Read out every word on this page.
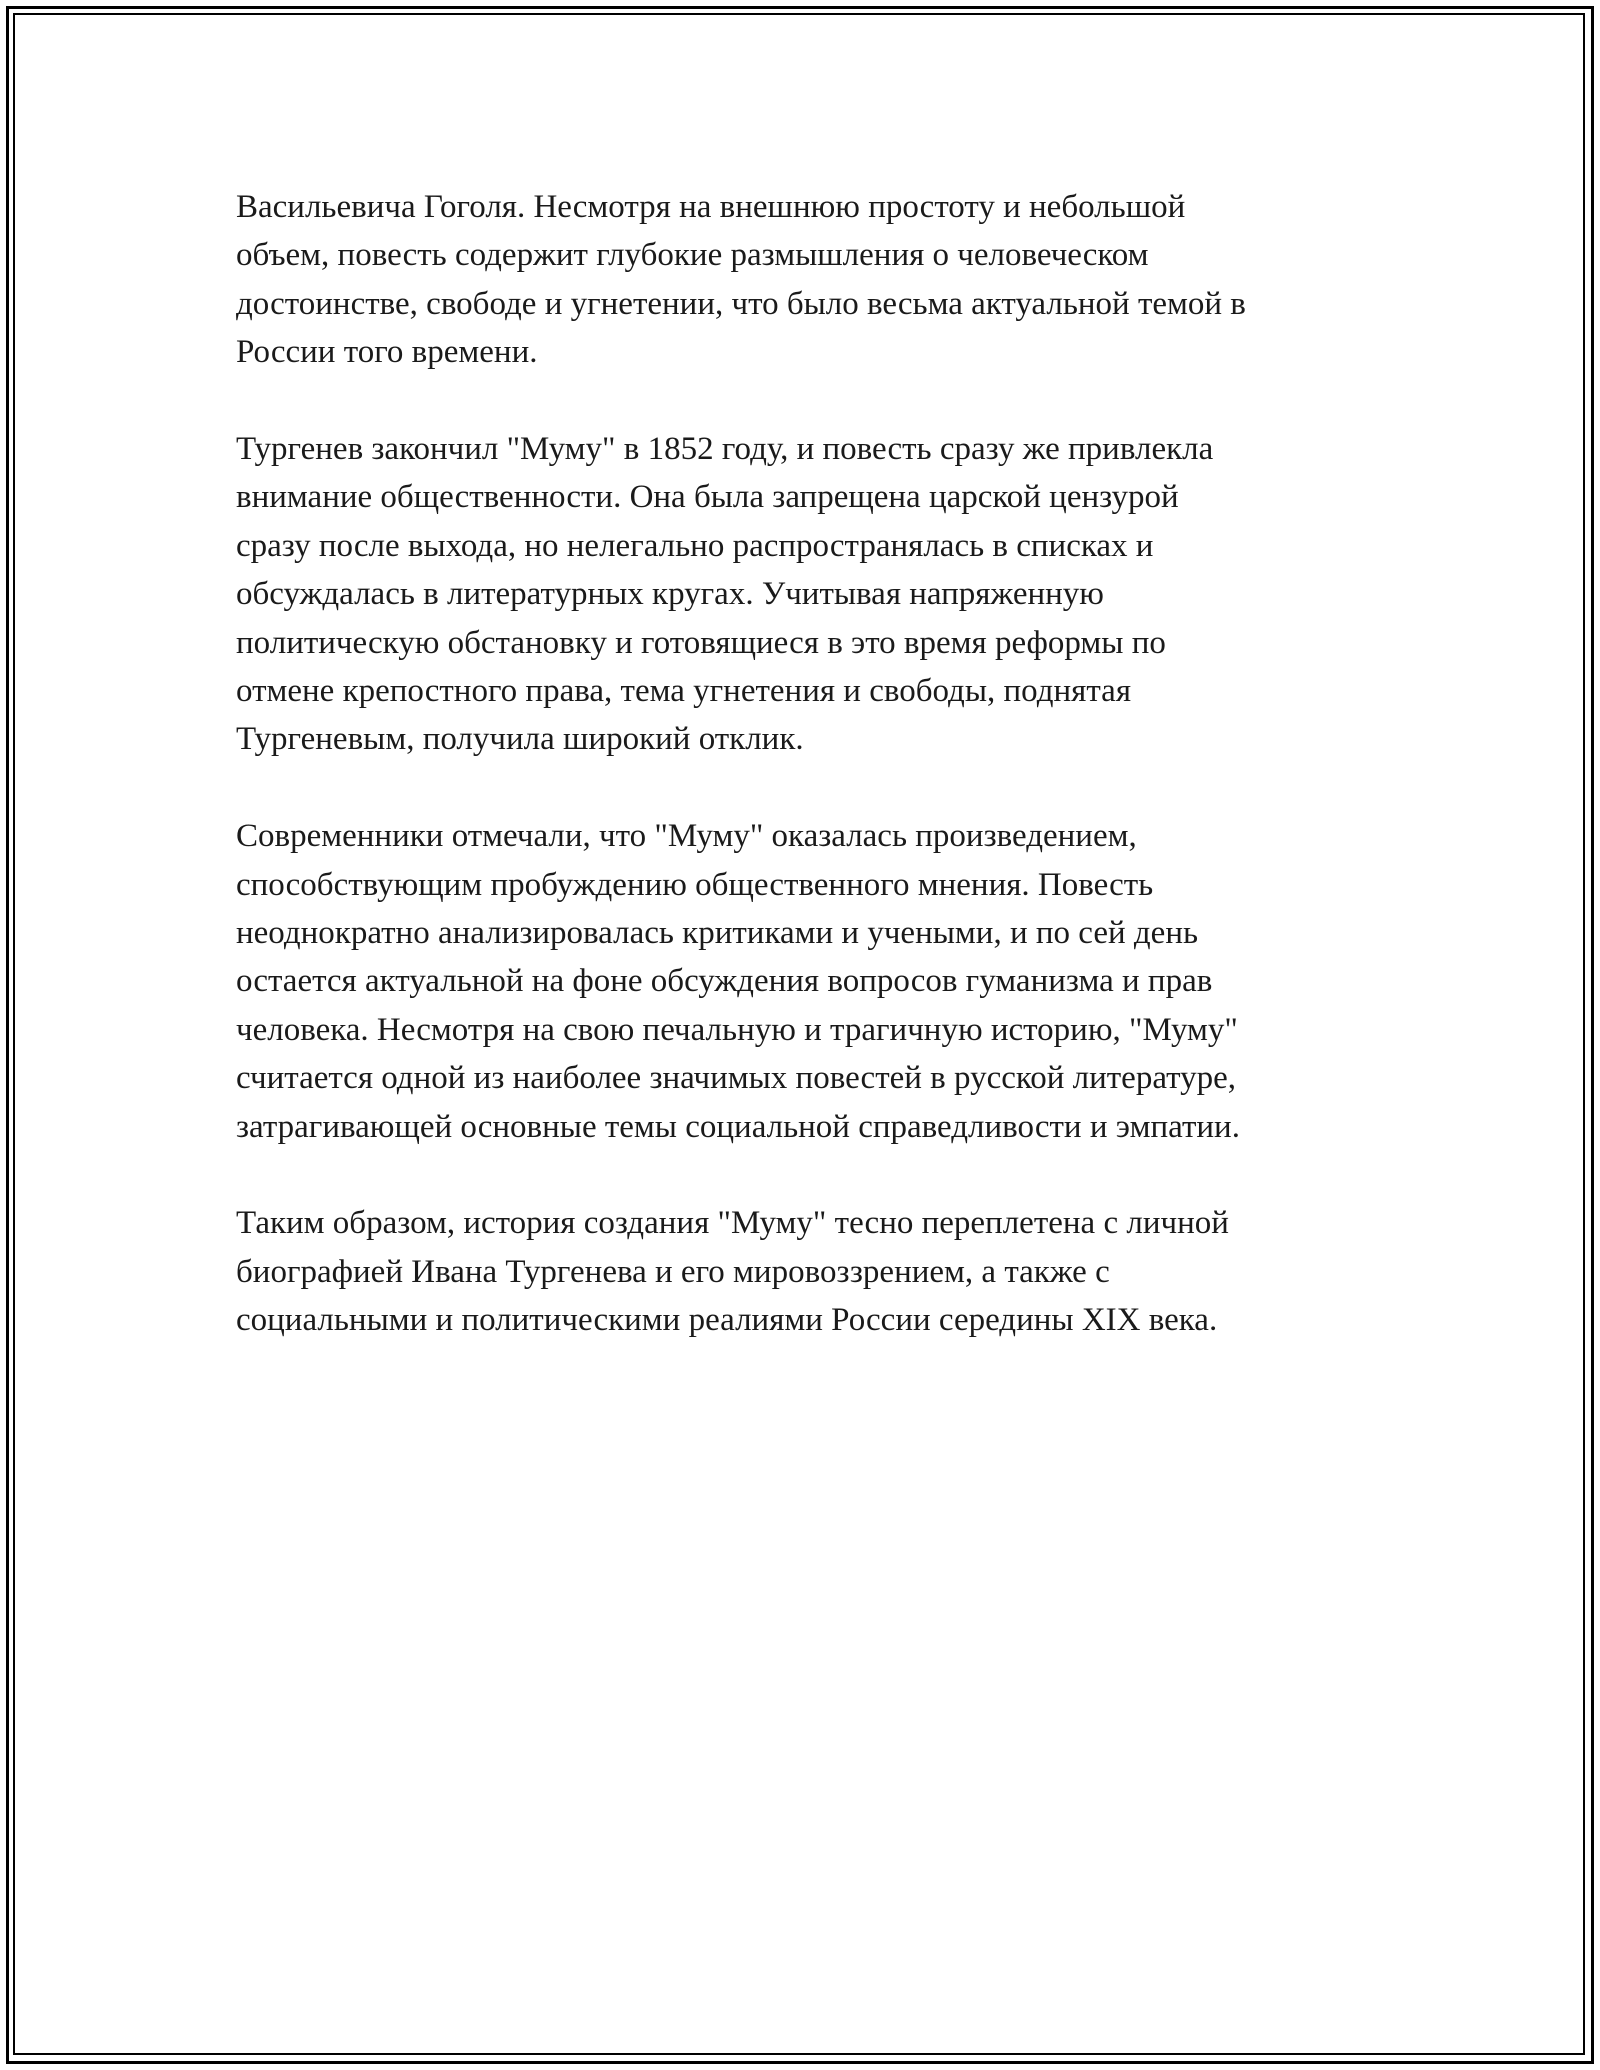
Васильевича Гоголя. Несмотря на внешнюю простоту и небольшой
объем, повесть содержит глубокие размышления о человеческом
достоинстве, свободе и угнетении, что было весьма актуальной темой в
России того времени.

Тургенев закончил "Муму" в 1852 году, и повесть сразу же привлекла
внимание общественности. Она была запрещена царской цензурой
сразу после выхода, но нелегально распространялась в списках и
обсуждалась в литературных кругах. Учитывая напряженную
политическую обстановку и готовящиеся в это время реформы по
отмене крепостного права, тема угнетения и свободы, поднятая
Тургеневым, получила широкий отклик.

Современники отмечали, что "Муму" оказалась произведением,
способствующим пробуждению общественного мнения. Повесть
неоднократно анализировалась критиками и учеными, и по сей день
остается актуальной на фоне обсуждения вопросов гуманизма и прав
человека. Несмотря на свою печальную и трагичную историю, "Муму"
считается одной из наиболее значимых повестей в русской литературе,
затрагивающей основные темы социальной справедливости и эмпатии.

Таким образом, история создания "Муму" тесно переплетена с личной
биографией Ивана Тургенева и его мировоззрением, а также с
социальными и политическими реалиями России середины XIX века.
